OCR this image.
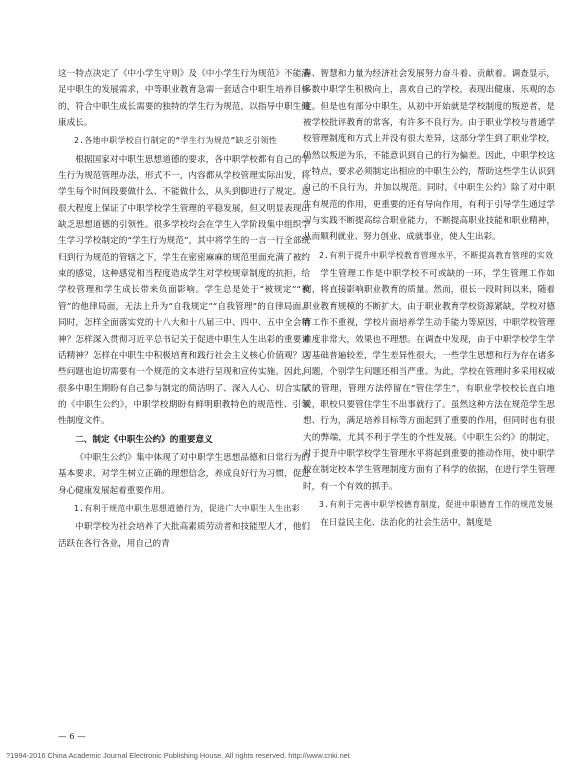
这一特点决定了《中小学生守则》及《中小学生行为规范》不能满足中职生的发展需求，中等职业教育急需一套适合中职生培养目标的，符合中职生成长需要的独特的学生行为规范，以指导中职生健康成长。

2.各地中职学校自行制定的“学生行为规范”缺乏引领性

根据国家对中职生思想道德的要求，各中职学校都有自己的学生行为规范管理办法，形式不一，内容都从学校管理实际出发，将学生每个时间段要做什么、不能做什么，从头到脚进行了规定。这很大程度上保证了中职学校学生管理的平稳发展，但又明显表现出缺乏思想道德的引领性。很多学校均会在学生入学阶段集中组织学生学习学校制定的“学生行为规范”，其中将学生的一言一行全部统归到行为规范的管辖之下，学生在密密麻麻的规范里面充满了被约束的感觉，这种感觉相当程度造成学生对学校规章制度的抗拒，给学校管理和学生成长带来负面影响。学生总是处于“被规定”“被管”的他律局面，无法上升为“自我规定”“自我管理”的自律局面。同时，怎样全面落实党的十八大和十八届三中、四中、五中全会精神？怎样深入贯彻习近平总书记关于促进中职生人生出彩的重要讲话精神？怎样在中职生中积极培育和践行社会主义核心价值观？这些问题也迫切需要有一个规范的文本进行呈现和宣传实施。因此，很多中职生期盼有自己参与制定的简洁明了、深入人心、切合实际的《中职生公约》，中职学校期盼有鲜明职教特色的规范性、引领性制度文件。

二、制定《中职生公约》的重要意义

《中职生公约》集中体现了对中职学生思想品德和日常行为的基本要求，对学生树立正确的理想信念，养成良好行为习惯，促进身心健康发展起着重要作用。

1.有利于规范中职生思想道德行为，促进广大中职生人生出彩

中职学校为社会培养了大批高素质劳动者和技能型人才，他们活跃在各行各业，用自己的青

春、智慧和力量为经济社会发展努力奋斗着、贡献着。调查显示，多数中职学生积极向上，喜欢自己的学校，表现出健康、乐观的态度。但是也有部分中职生，从初中开始就是学校制度的叛逆者，是被学校批评教育的常客，有许多不良行为。由于职业学校与普通学校管理制度和方式上并没有很大差异，这部分学生到了职业学校，仍然以叛逆为乐，不能意识到自己的行为偏差。因此，中职学校这一特点，要求必须制定出相应的中职生公约，帮助这些学生认识到自己的不良行为，并加以规范。同时，《中职生公约》除了对中职生有规范的作用，更重要的还有导向作用，有利于引导学生通过学习与实践不断提高综合职业能力，不断提高职业技能和职业精神，从而顺利就业、努力创业、成就事业，使人生出彩。

2.有利于提升中职学校教育管理水平，不断提高教育管理的实效

学生管理工作是中职学校不可或缺的一环，学生管理工作如何，将直接影响职业教育的质量。然而，很长一段时间以来，随着职业教育规模的不断扩大，由于职业教育学校资源紧缺，学校对德育工作不重视，学校片面培养学生动手能力等原因，中职学校管理难度非常大，效果也不理想。在调查中发现，由于中职学校学生学习基础普遍较差，学生差异性很大，一些学生思想和行为存在诸多问题，个别学生问题还相当严重。为此，学校在管理时多采用权威式的管理，管理方法停留在“管住学生”，有职业学校校长直白地说，职校只要管住学生不出事就行了。虽然这种方法在规范学生思想、行为，满足培养目标等方面起到了重要的作用，但同时也有很大的弊端，尤其不利于学生的个性发展。《中职生公约》的制定，对于提升中职学校学生管理水平将起到重要的推动作用，使中职学校在制定校本学生管理制度方面有了科学的依据，在进行学生管理时，有一个有效的抓手。

3.有利于完善中职学校德育制度，促进中职德育工作的规范发展

在日益民主化、法治化的社会生活中，制度是

— 6 —
?1994-2016 China Academic Journal Electronic Publishing House. All rights reserved. http://www.cnki.net
